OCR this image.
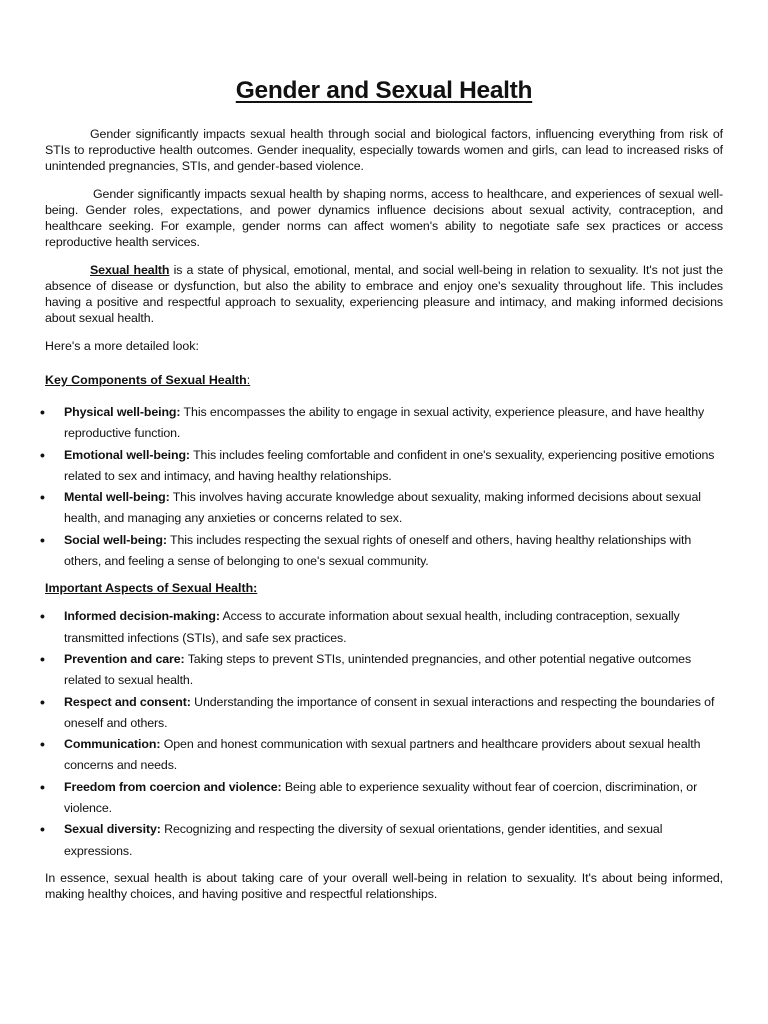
Gender and Sexual Health

Gender significantly impacts sexual health through social and biological factors, influencing everything from risk of STIs to reproductive health outcomes. Gender inequality, especially towards women and girls, can lead to increased risks of unintended pregnancies, STIs, and gender-based violence.

Gender significantly impacts sexual health by shaping norms, access to healthcare, and experiences of sexual well-being. Gender roles, expectations, and power dynamics influence decisions about sexual activity, contraception, and healthcare seeking. For example, gender norms can affect women's ability to negotiate safe sex practices or access reproductive health services.

Sexual health is a state of physical, emotional, mental, and social well-being in relation to sexuality. It's not just the absence of disease or dysfunction, but also the ability to embrace and enjoy one's sexuality throughout life. This includes having a positive and respectful approach to sexuality, experiencing pleasure and intimacy, and making informed decisions about sexual health.

Here's a more detailed look:

Key Components of Sexual Health:
• Physical well-being: This encompasses the ability to engage in sexual activity, experience pleasure, and have healthy reproductive function.
• Emotional well-being: This includes feeling comfortable and confident in one's sexuality, experiencing positive emotions related to sex and intimacy, and having healthy relationships.
• Mental well-being: This involves having accurate knowledge about sexuality, making informed decisions about sexual health, and managing any anxieties or concerns related to sex.
• Social well-being: This includes respecting the sexual rights of oneself and others, having healthy relationships with others, and feeling a sense of belonging to one's sexual community.
Important Aspects of Sexual Health:
• Informed decision-making: Access to accurate information about sexual health, including contraception, sexually transmitted infections (STIs), and safe sex practices.
• Prevention and care: Taking steps to prevent STIs, unintended pregnancies, and other potential negative outcomes related to sexual health.
• Respect and consent: Understanding the importance of consent in sexual interactions and respecting the boundaries of oneself and others.
• Communication: Open and honest communication with sexual partners and healthcare providers about sexual health concerns and needs.
• Freedom from coercion and violence: Being able to experience sexuality without fear of coercion, discrimination, or violence.
• Sexual diversity: Recognizing and respecting the diversity of sexual orientations, gender identities, and sexual expressions.

In essence, sexual health is about taking care of your overall well-being in relation to sexuality. It's about being informed, making healthy choices, and having positive and respectful relationships.
